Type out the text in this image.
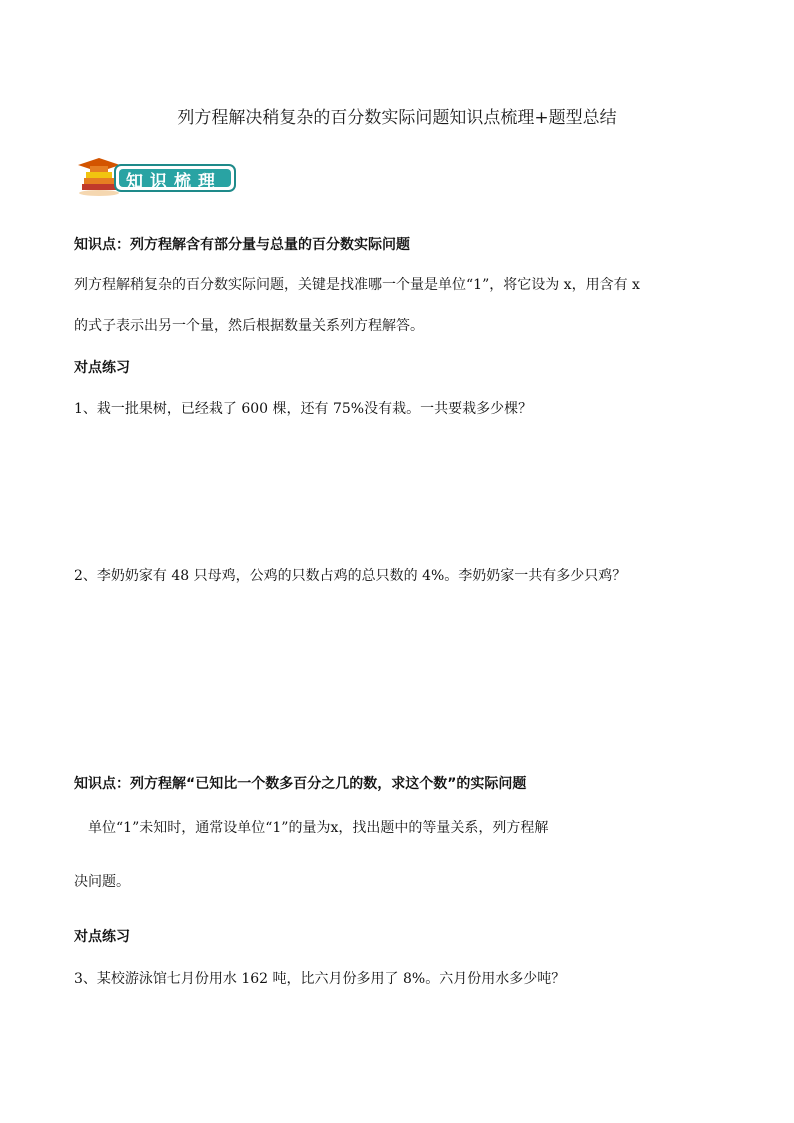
列方程解决稍复杂的百分数实际问题知识点梳理+题型总结
知识梳理
知识点：列方程解含有部分量与总量的百分数实际问题
列方程解稍复杂的百分数实际问题，关键是找准哪一个量是单位“1”，将它设为 x，用含有 x
的式子表示出另一个量，然后根据数量关系列方程解答。
对点练习
1、栽一批果树，已经栽了 600 棵，还有 75%没有栽。一共要栽多少棵？
2、李奶奶家有 48 只母鸡，公鸡的只数占鸡的总只数的 4%。李奶奶家一共有多少只鸡？
知识点：列方程解“已知比一个数多百分之几的数，求这个数”的实际问题
单位“1”未知时，通常设单位“1”的量为x，找出题中的等量关系，列方程解
决问题。
对点练习
3、某校游泳馆七月份用水 162 吨，比六月份多用了 8%。六月份用水多少吨？
